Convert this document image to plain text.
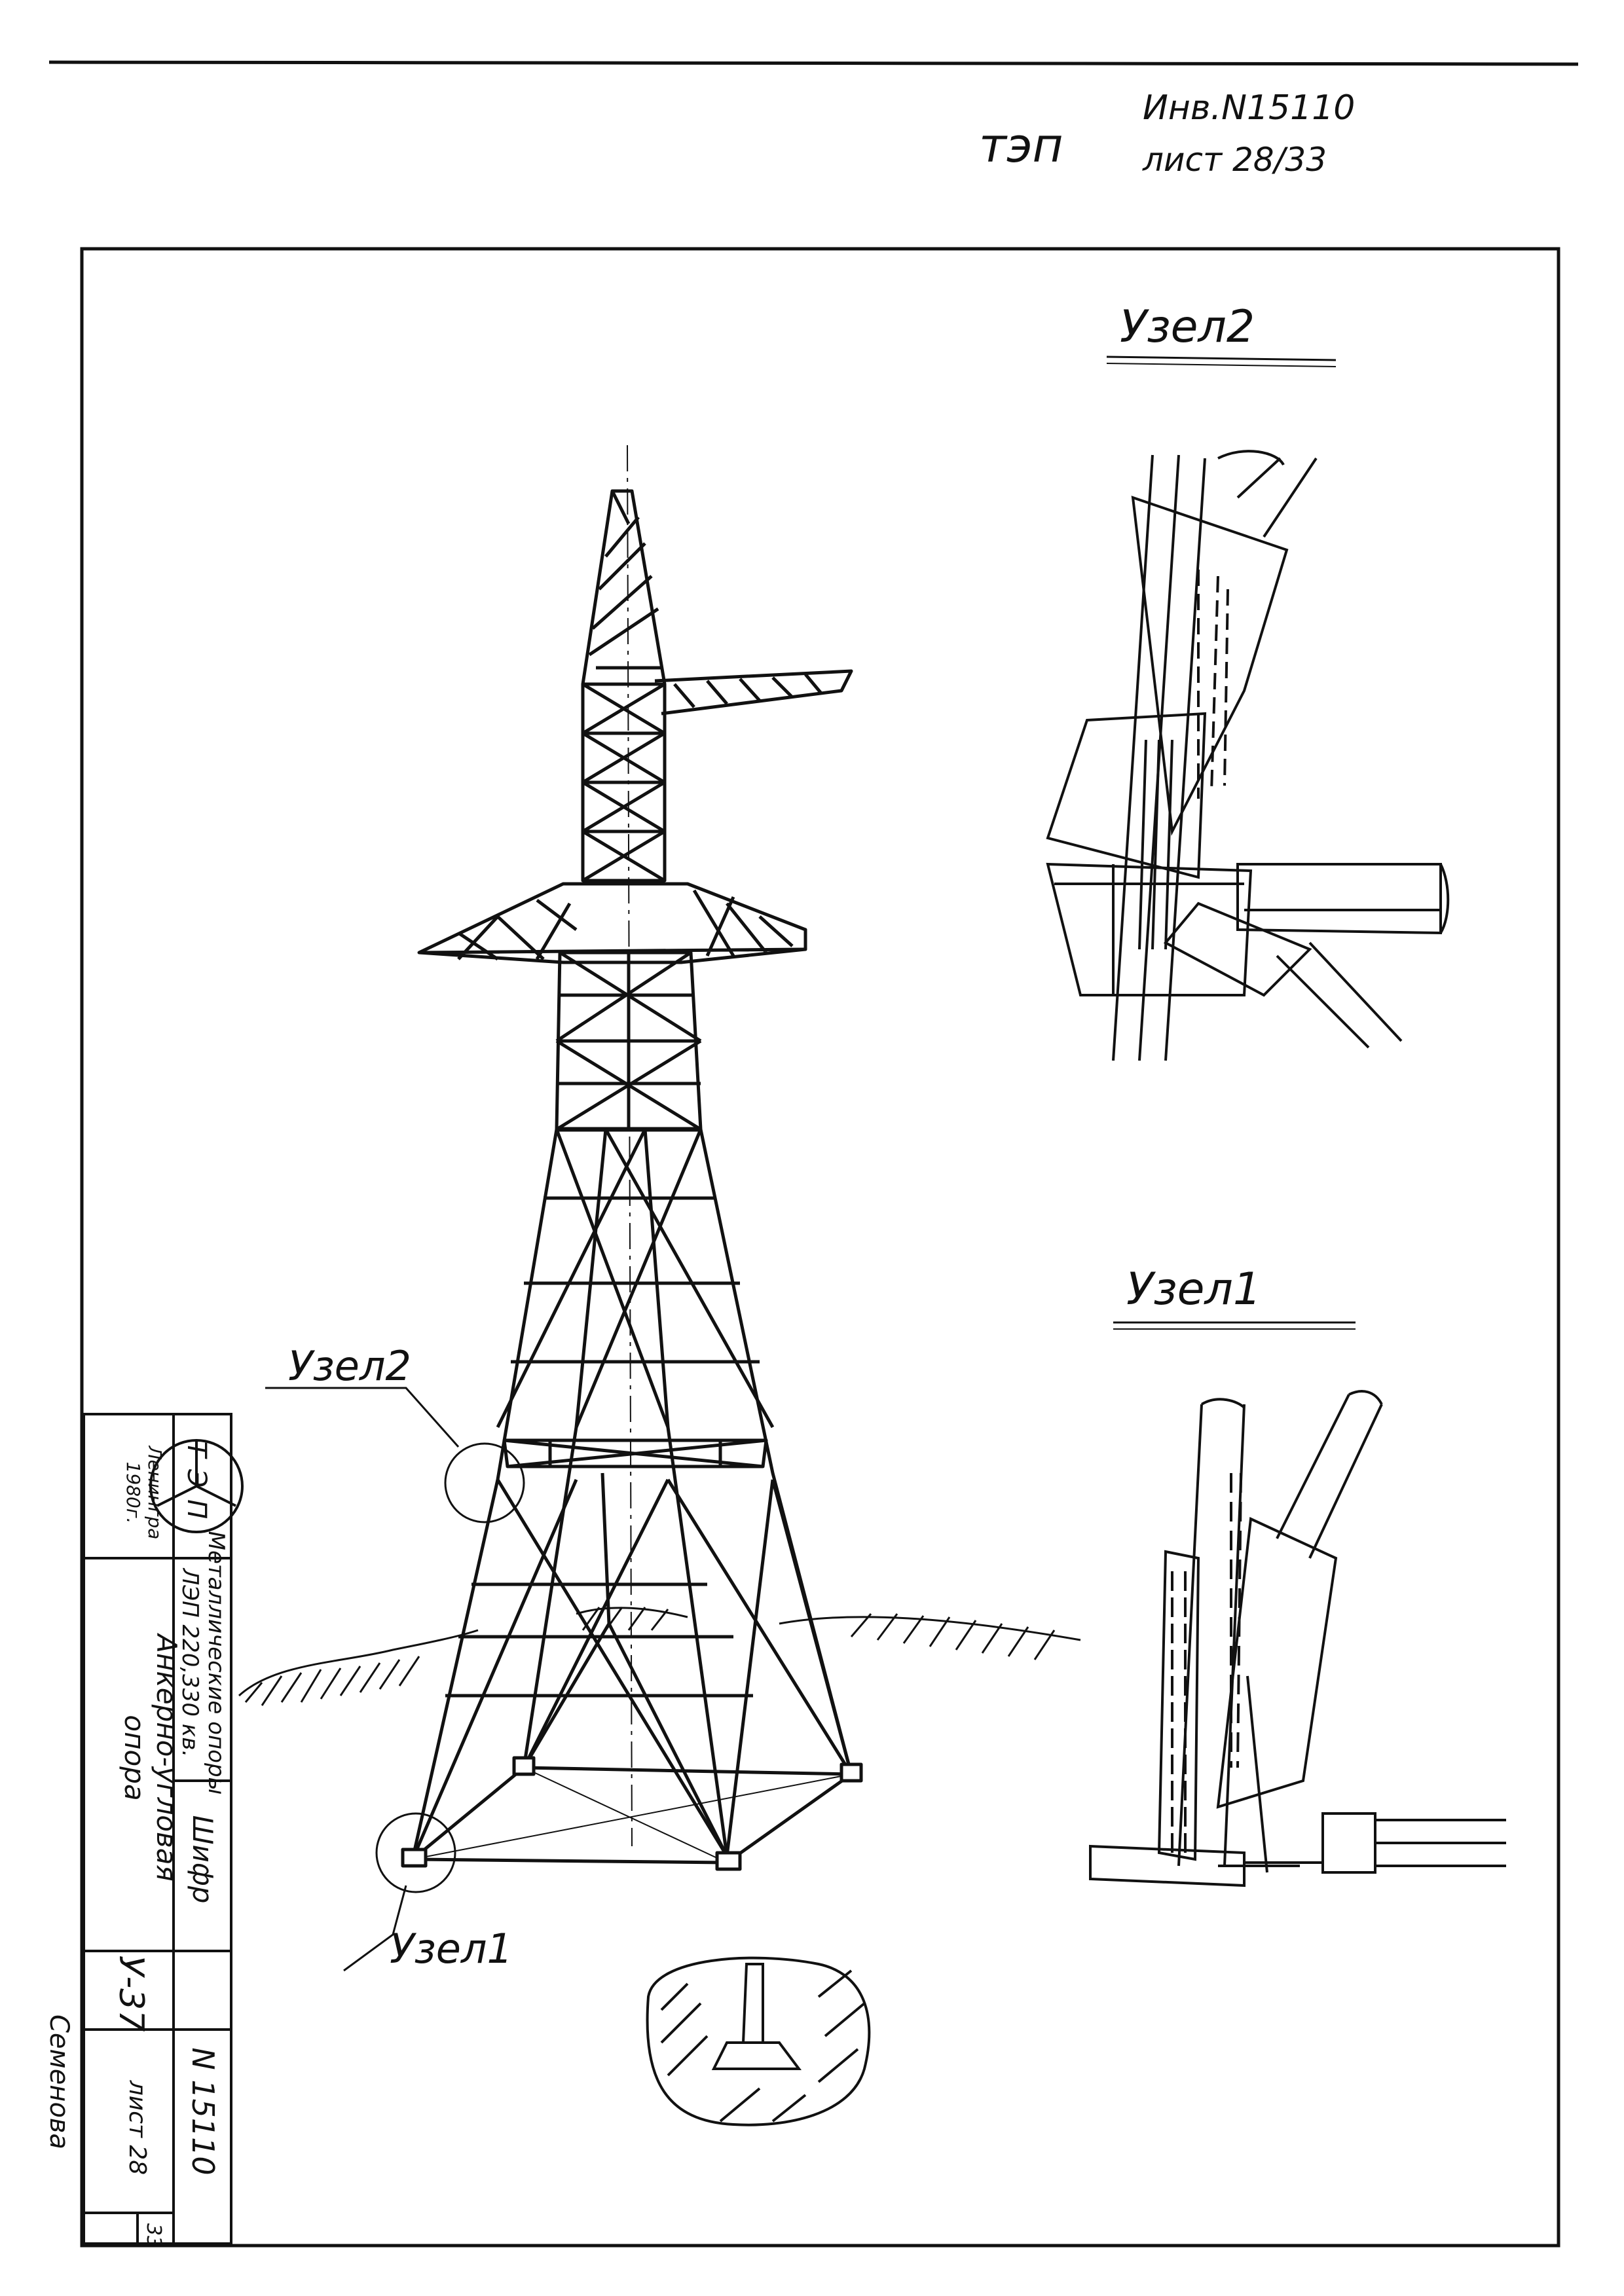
тэп
Инв.N15110
лист 28/33
Узел2
Узел1
Узел2
Узел1
Т
Э
П
Ленингра
1980г.
Металлические опоры
ЛЭП 220,330 кв.
Анкерно-угловая
опора
Шифр
У-37
N 15110
лист 28
33
Семенова
